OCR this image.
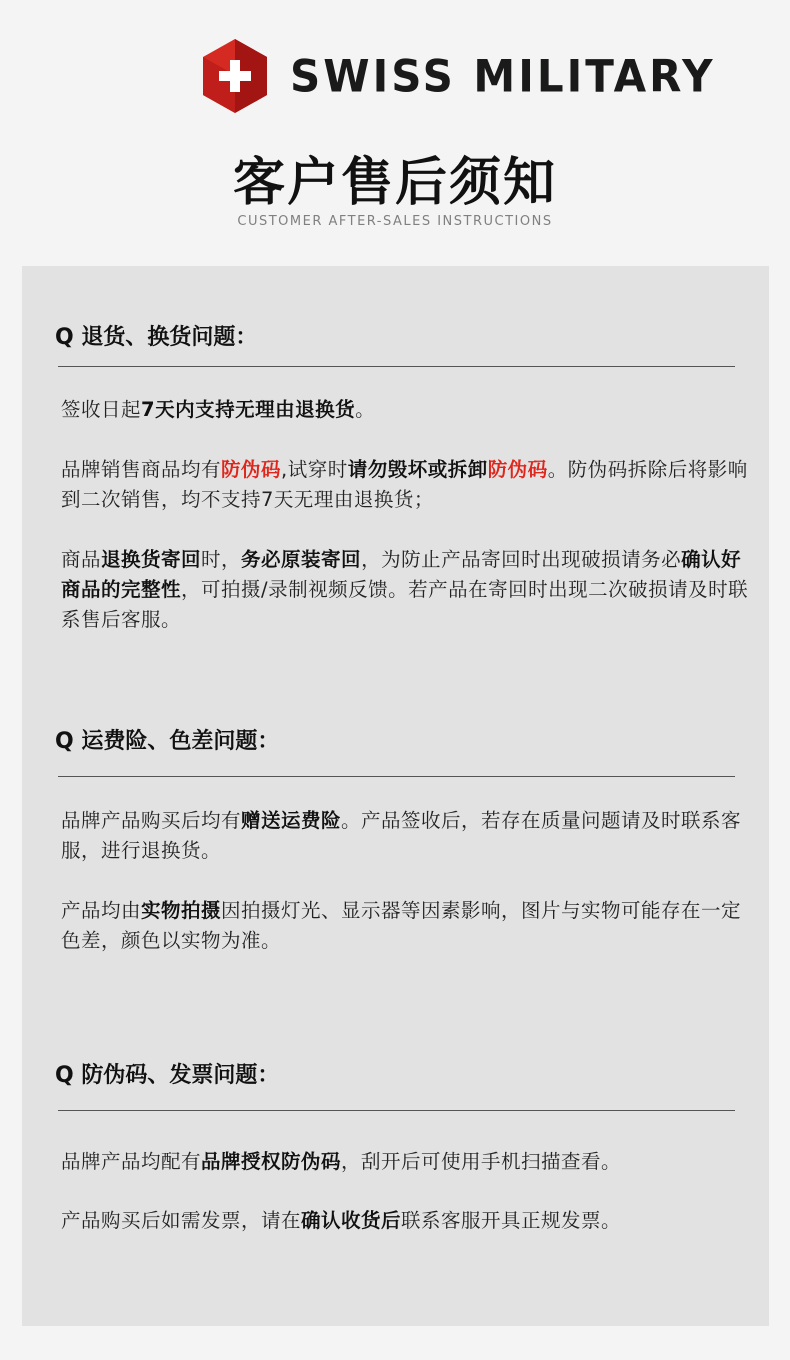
SWISS MILITARY
客户售后须知
CUSTOMER AFTER-SALES INSTRUCTIONS
Q 退货、换货问题：
签收日起7天内支持无理由退换货。
品牌销售商品均有防伪码,试穿时请勿毁坏或拆卸防伪码。防伪码拆除后将影响到二次销售，均不支持7天无理由退换货；
商品退换货寄回时，务必原装寄回，为防止产品寄回时出现破损请务必确认好商品的完整性，可拍摄/录制视频反馈。若产品在寄回时出现二次破损请及时联系售后客服。
Q 运费险、色差问题：
品牌产品购买后均有赠送运费险。产品签收后，若存在质量问题请及时联系客服，进行退换货。
产品均由实物拍摄因拍摄灯光、显示器等因素影响，图片与实物可能存在一定色差，颜色以实物为准。
Q 防伪码、发票问题：
品牌产品均配有品牌授权防伪码，刮开后可使用手机扫描查看。
产品购买后如需发票，请在确认收货后联系客服开具正规发票。
